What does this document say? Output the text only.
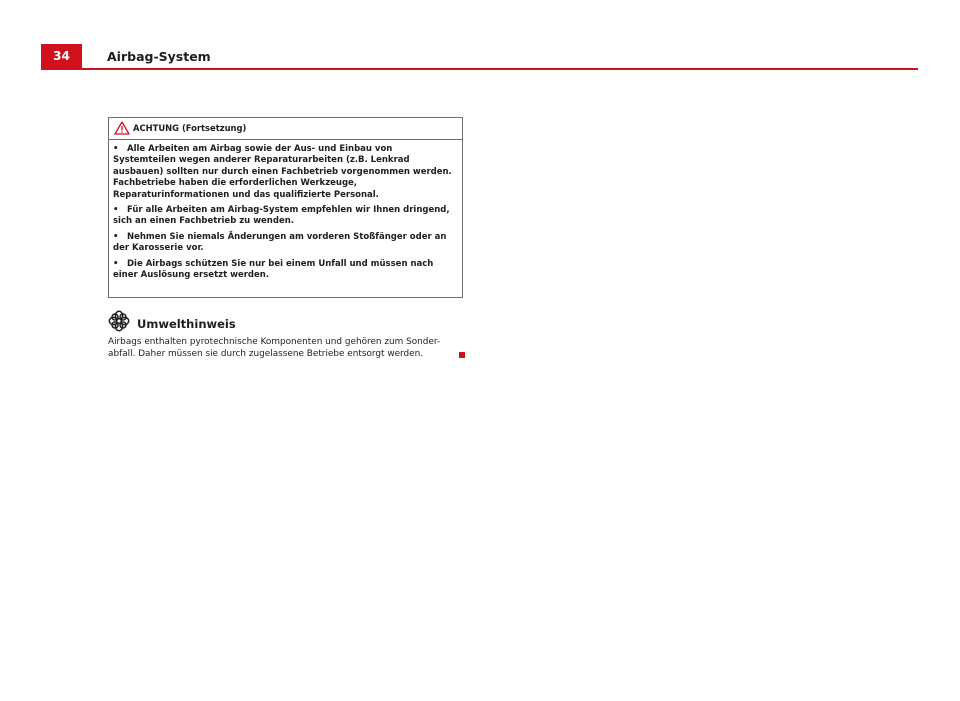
34	Airbag-System
ACHTUNG (Fortsetzung)
• Alle Arbeiten am Airbag sowie der Aus- und Einbau von Systemteilen wegen anderer Reparaturarbeiten (z.B. Lenkrad ausbauen) sollten nur durch einen Fachbetrieb vorgenommen werden. Fachbetriebe haben die erforderlichen Werkzeuge, Reparaturinformationen und das qualifizierte Personal.
• Für alle Arbeiten am Airbag-System empfehlen wir Ihnen dringend, sich an einen Fachbetrieb zu wenden.
• Nehmen Sie niemals Änderungen am vorderen Stoßfänger oder an der Karosserie vor.
• Die Airbags schützen Sie nur bei einem Unfall und müssen nach einer Auslösung ersetzt werden.
Umwelthinweis

Airbags enthalten pyrotechnische Komponenten und gehören zum Sonder-abfall. Daher müssen sie durch zugelassene Betriebe entsorgt werden.
